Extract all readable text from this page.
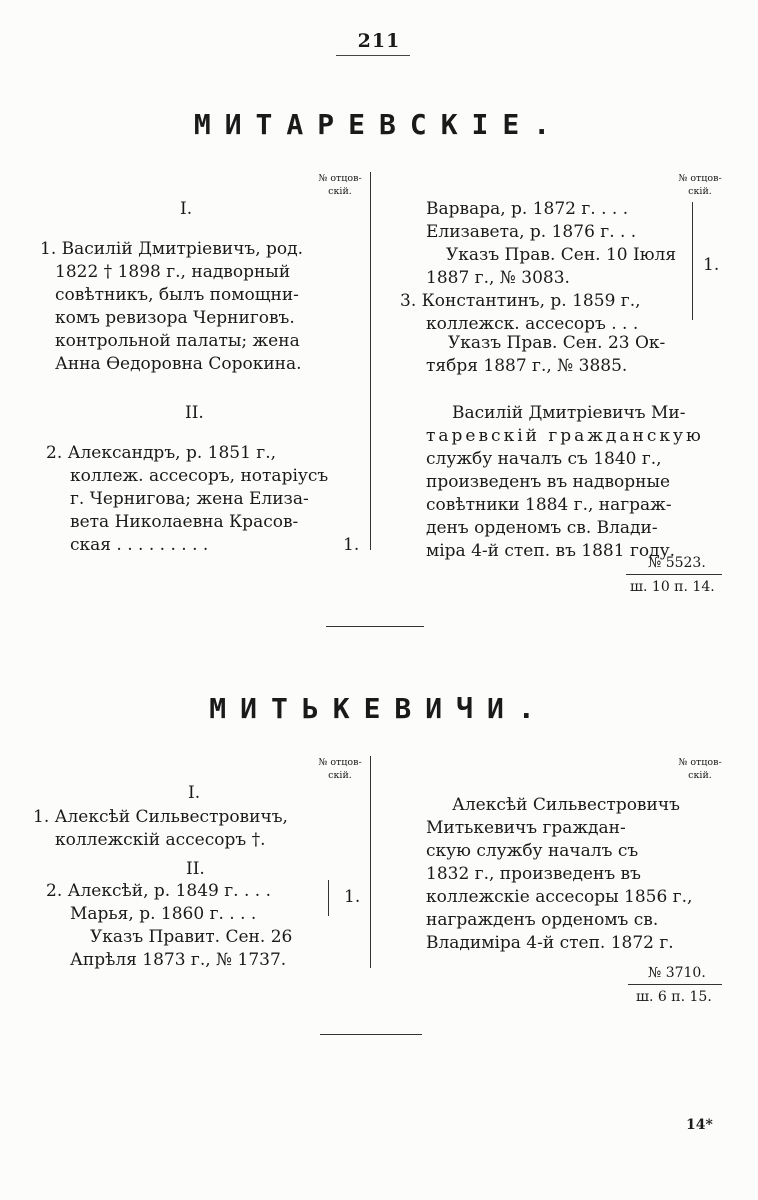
211
МИТАРЕВСКІЕ.
№ отцов-
скій.
№ отцов-
скій.
I.
1. Василій Дмитріевичъ, род.
1822 † 1898 г., надворный
совѣтникъ, былъ помощни-
комъ ревизора Черниговъ.
контрольной палаты; жена
Анна Ѳедоровна Сорокина.
II.
2. Александръ, р. 1851 г.,
коллеж. ассесоръ, нотаріусъ
г. Чернигова; жена Елиза-
вета Николаевна Красов-
ская . . . . . . . . .	1.
Варвара, р. 1872 г. . . .
Елизавета, р. 1876 г. . .
Указъ Прав. Сен. 10 Іюля
1887 г., № 3083.
3. Константинъ, р. 1859 г.,
коллежск. ассесоръ . . .
1.
Указъ Прав. Сен. 23 Ок-
тября 1887 г., № 3885.
Василій Дмитріевичъ Ми-
таревскій гражданскую
службу началъ съ 1840 г.,
произведенъ въ надворные
совѣтники 1884 г., награж-
денъ орденомъ св. Влади-
міра 4-й степ. въ 1881 году.
№ 5523.
ш. 10 п. 14.
МИТЬКЕВИЧИ.
№ отцов-
скій.
№ отцов-
скій.
I.
1. Алексѣй Сильвестровичъ,
коллежскій ассесоръ †.
II.
2. Алексѣй, р. 1849 г. . . .
Марья, р. 1860 г. . . .
Указъ Правит. Сен. 26
Апрѣля 1873 г., № 1737.
1.
Алексѣй Сильвестровичъ
Митькевичъ граждан-
скую службу началъ съ
1832 г., произведенъ въ
коллежскіе ассесоры 1856 г.,
награжденъ орденомъ св.
Владиміра 4-й степ. 1872 г.
№ 3710.
ш. 6 п. 15.
14*
